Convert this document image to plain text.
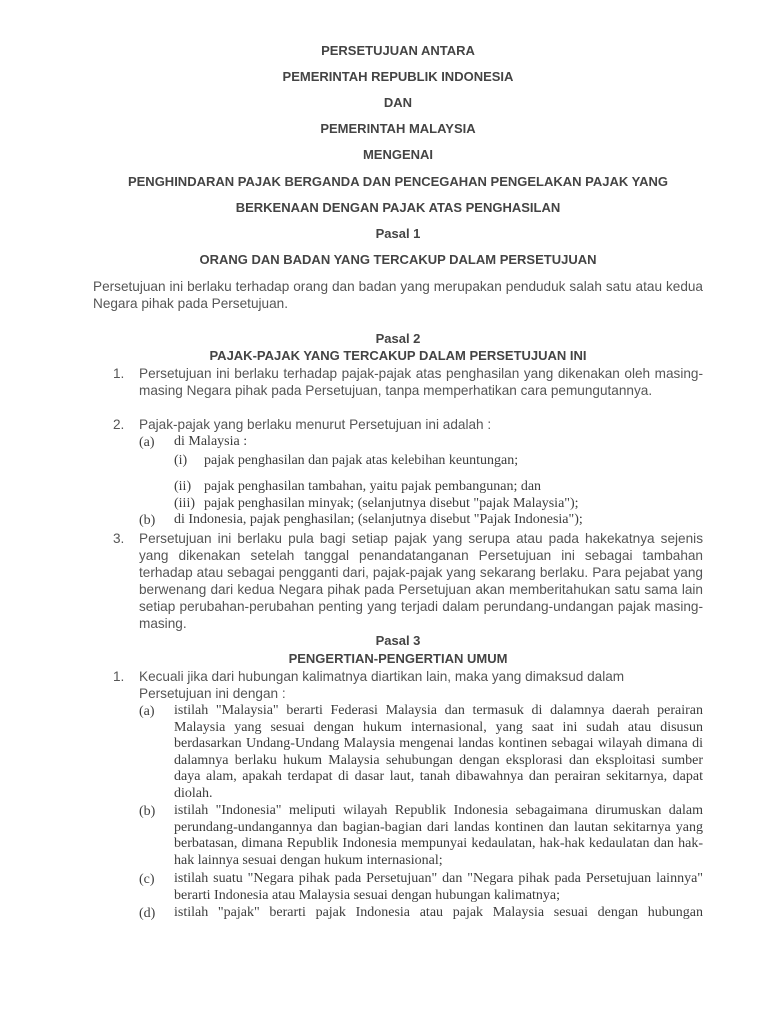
PERSETUJUAN ANTARA
PEMERINTAH REPUBLIK INDONESIA
DAN
PEMERINTAH MALAYSIA
MENGENAI
PENGHINDARAN PAJAK BERGANDA DAN PENCEGAHAN PENGELAKAN PAJAK YANG
BERKENAAN DENGAN PAJAK ATAS PENGHASILAN
Pasal 1
ORANG DAN BADAN YANG TERCAKUP DALAM PERSETUJUAN
Persetujuan ini berlaku terhadap orang dan badan yang merupakan penduduk salah satu atau kedua Negara pihak pada Persetujuan.
Pasal 2
PAJAK-PAJAK YANG TERCAKUP DALAM PERSETUJUAN INI
1.	Persetujuan ini berlaku terhadap pajak-pajak atas penghasilan yang dikenakan oleh masing-masing Negara pihak pada Persetujuan, tanpa memperhatikan cara pemungutannya.
2.	Pajak-pajak yang berlaku menurut Persetujuan ini adalah :
(a)	di Malaysia :
(i)	pajak penghasilan dan pajak atas kelebihan keuntungan;
(ii) pajak penghasilan tambahan, yaitu pajak pembangunan; dan
(iii) pajak penghasilan minyak; (selanjutnya disebut "pajak Malaysia");
(b)	di Indonesia, pajak penghasilan; (selanjutnya disebut "Pajak Indonesia");
3.	Persetujuan ini berlaku pula bagi setiap pajak yang serupa atau pada hakekatnya sejenis yang dikenakan setelah tanggal penandatanganan Persetujuan ini sebagai tambahan terhadap atau sebagai pengganti dari, pajak-pajak yang sekarang berlaku. Para pejabat yang berwenang dari kedua Negara pihak pada Persetujuan akan memberitahukan satu sama lain setiap perubahan-perubahan penting yang terjadi dalam perundang-undangan pajak masing-masing.
Pasal 3
PENGERTIAN-PENGERTIAN UMUM
1.	Kecuali jika dari hubungan kalimatnya diartikan lain, maka yang dimaksud dalam Persetujuan ini dengan :
(a)	istilah "Malaysia" berarti Federasi Malaysia dan termasuk di dalamnya daerah perairan Malaysia yang sesuai dengan hukum internasional, yang saat ini sudah atau disusun berdasarkan Undang-Undang Malaysia mengenai landas kontinen sebagai wilayah dimana di dalamnya berlaku hukum Malaysia sehubungan dengan eksplorasi dan eksploitasi sumber daya alam, apakah terdapat di dasar laut, tanah dibawahnya dan perairan sekitarnya, dapat diolah.
(b)	istilah "Indonesia" meliputi wilayah Republik Indonesia sebagaimana dirumuskan dalam perundang-undangannya dan bagian-bagian dari landas kontinen dan lautan sekitarnya yang berbatasan, dimana Republik Indonesia mempunyai kedaulatan, hak-hak kedaulatan dan hak-hak lainnya sesuai dengan hukum internasional;
(c)	istilah suatu "Negara pihak pada Persetujuan" dan "Negara pihak pada Persetujuan lainnya" berarti Indonesia atau Malaysia sesuai dengan hubungan kalimatnya;
(d)	istilah "pajak" berarti pajak Indonesia atau pajak Malaysia sesuai dengan hubungan
